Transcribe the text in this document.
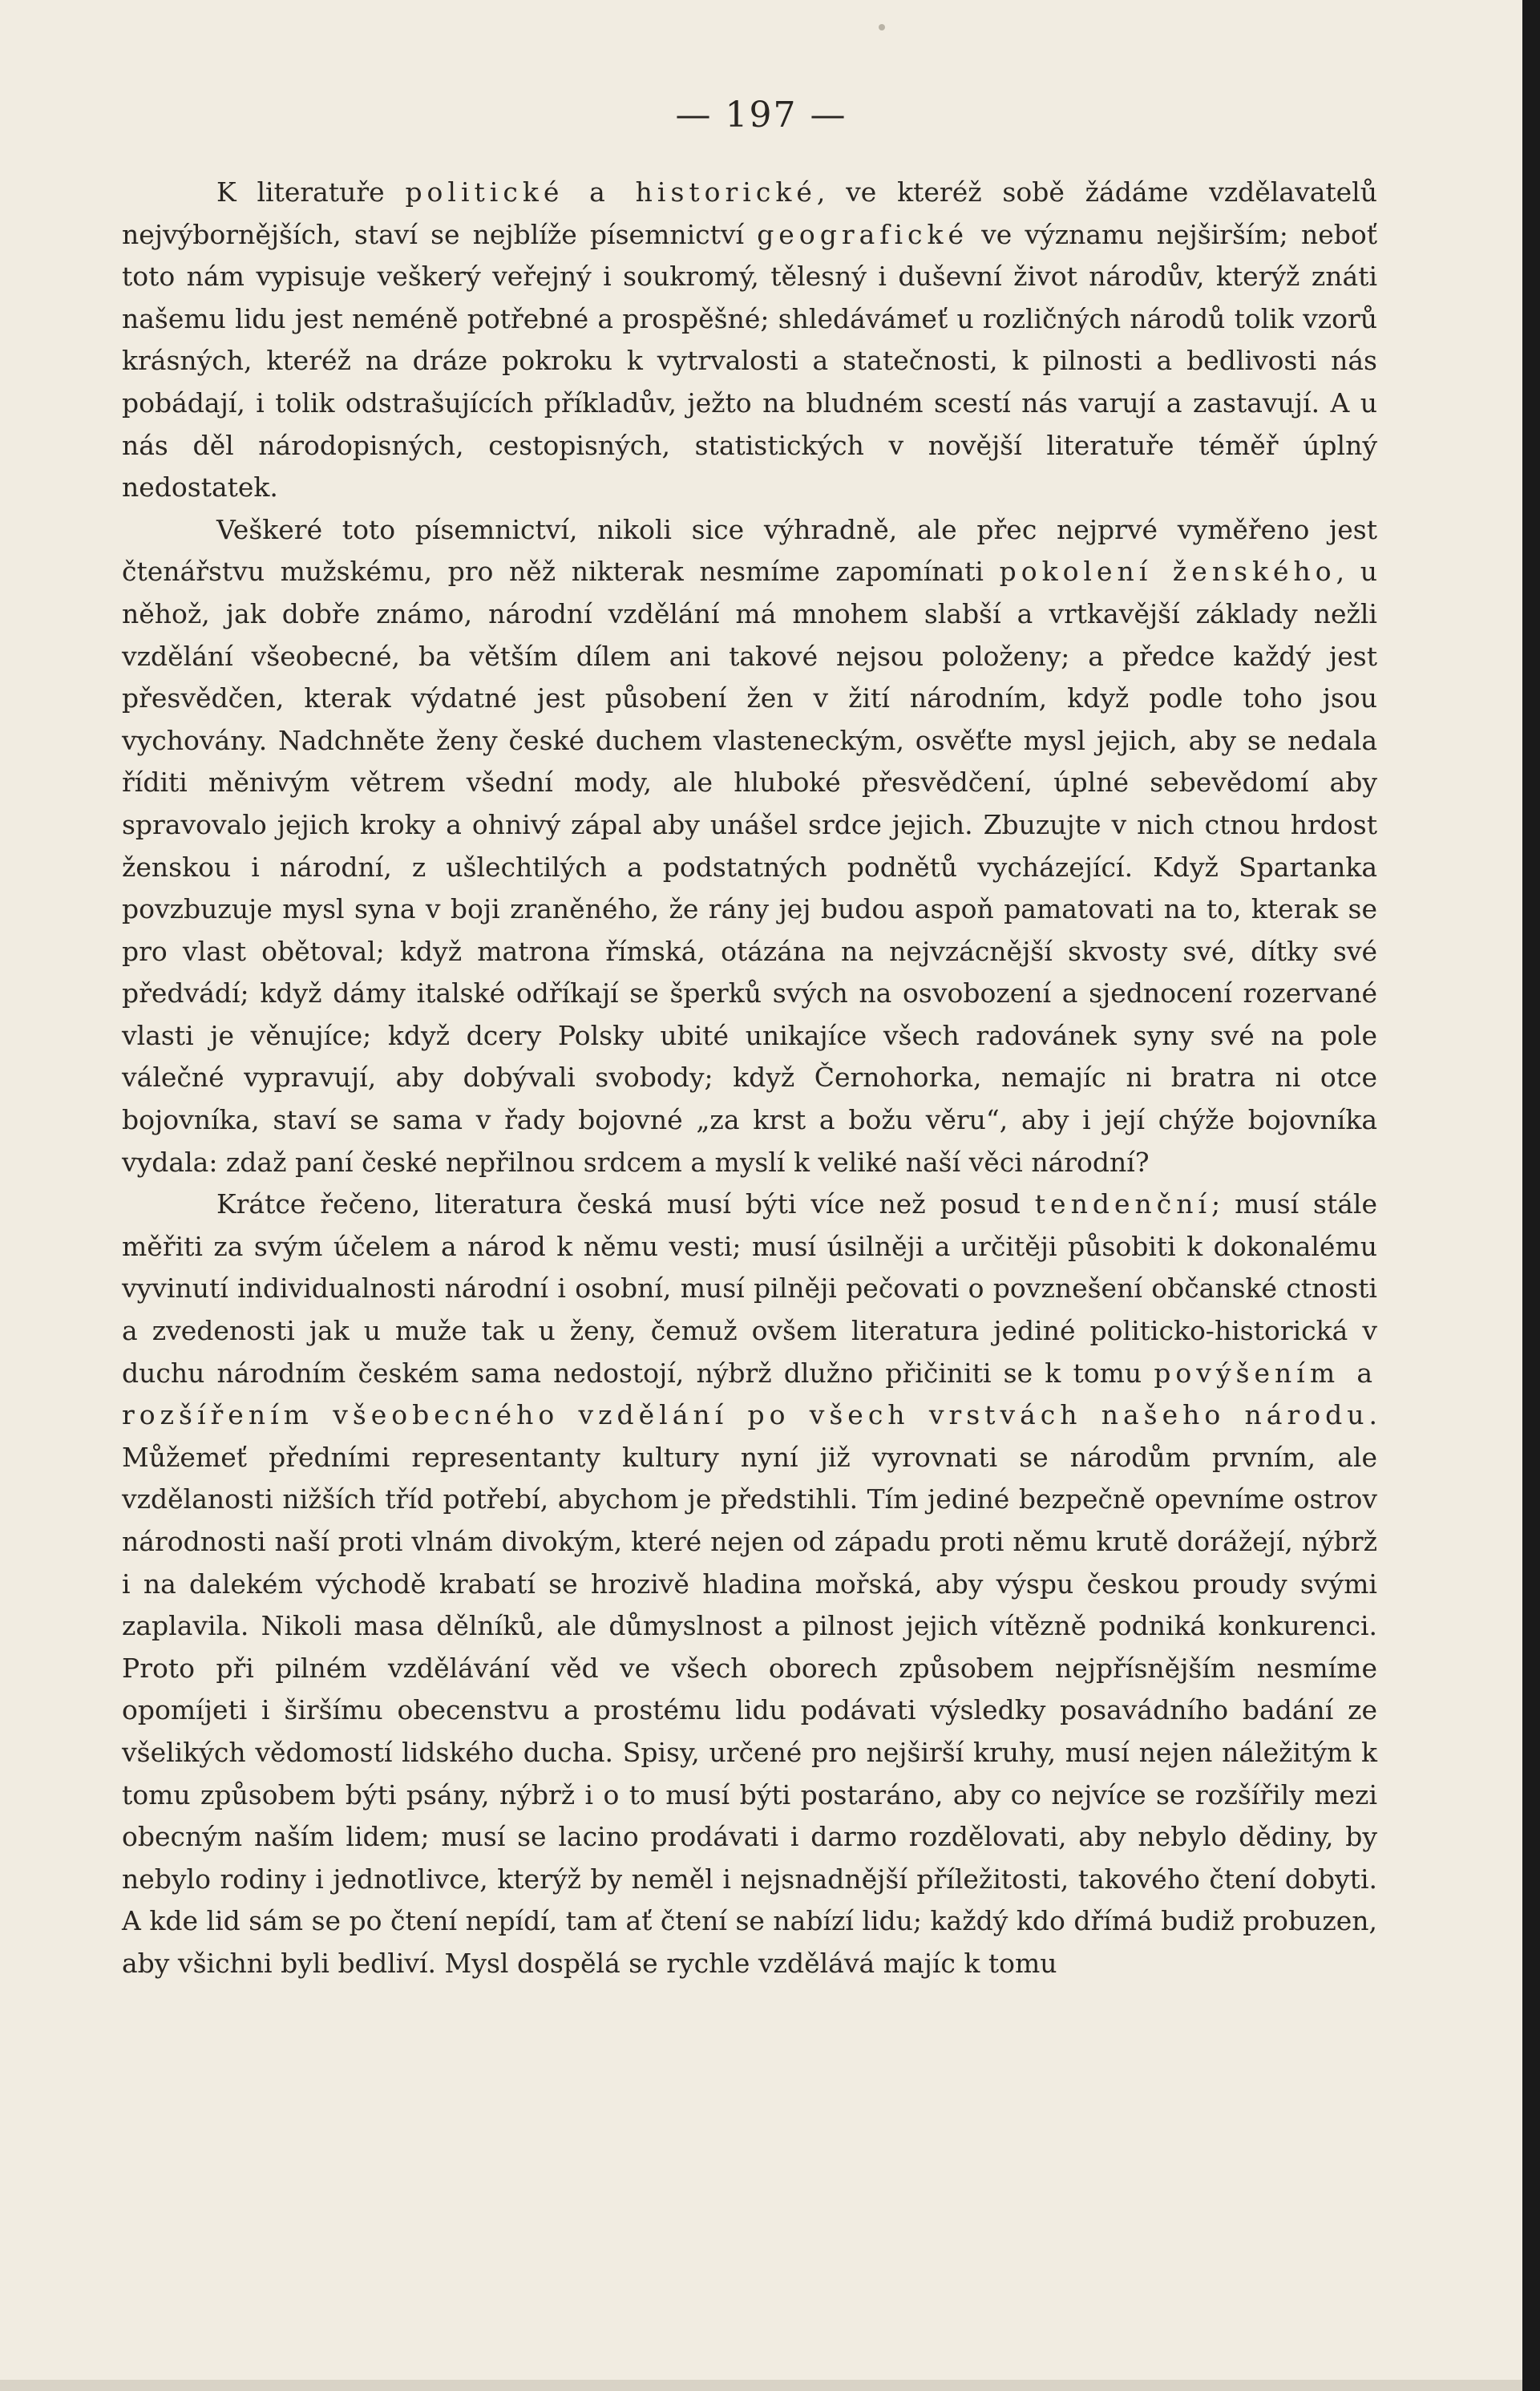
— 197 —

K literatuře politické a historické, ve kteréž sobě žádáme vzdělavatelů nejvýbornějších, staví se nejblíže písemnictví geografické ve významu nejširším; neboť toto nám vypisuje veškerý veřejný i soukromý, tělesný i duševní život národův, kterýž znáti našemu lidu jest neméně potřebné a prospěšné; shledávámeť u rozličných národů tolik vzorů krásných, kteréž na dráze pokroku k vytrvalosti a statečnosti, k pilnosti a bedlivosti nás pobádají, i tolik odstrašujících příkladův, ježto na bludném scestí nás varují a zastavují. A u nás děl národopisných, cestopisných, statistických v novější literatuře téměř úplný nedostatek.

Veškeré toto písemnictví, nikoli sice výhradně, ale přec nejprvé vyměřeno jest čtenářstvu mužskému, pro něž nikterak nesmíme zapomínati pokolení ženského, u něhož, jak dobře známo, národní vzdělání má mnohem slabší a vrtkavější základy nežli vzdělání všeobecné, ba větším dílem ani takové nejsou položeny; a předce každý jest přesvědčen, kterak výdatné jest působení žen v žití národním, když podle toho jsou vychovány. Nadchněte ženy české duchem vlasteneckým, osvěťte mysl jejich, aby se nedala říditi měnivým větrem všední mody, ale hluboké přesvědčení, úplné sebevědomí aby spravovalo jejich kroky a ohnivý zápal aby unášel srdce jejich. Zbuzujte v nich ctnou hrdost ženskou i národní, z ušlechtilých a podstatných podnětů vycházející. Když Spartanka povzbuzuje mysl syna v boji zraněného, že rány jej budou aspoň pamatovati na to, kterak se pro vlast obětoval; když matrona římská, otázána na nejvzácnější skvosty své, dítky své předvádí; když dámy italské odříkají se šperků svých na osvobození a sjednocení rozervané vlasti je věnujíce; když dcery Polsky ubité unikajíce všech radovánek syny své na pole válečné vypravují, aby dobývali svobody; když Černohorka, nemajíc ni bratra ni otce bojovníka, staví se sama v řady bojovné „za krst a božu věru“, aby i její chýže bojovníka vydala: zdaž paní české nepřilnou srdcem a myslí k veliké naší věci národní?

Krátce řečeno, literatura česká musí býti více než posud tendenční; musí stále měřiti za svým účelem a národ k němu vesti; musí úsilněji a určitěji působiti k dokonalému vyvinutí individualnosti národní i osobní, musí pilněji pečovati o povznešení občanské ctnosti a zvedenosti jak u muže tak u ženy, čemuž ovšem literatura jediné politicko-historická v duchu národním českém sama nedostojí, nýbrž dlužno přičiniti se k tomu povýšením a rozšířením všeobecného vzdělání po všech vrstvách našeho národu. Můžemeť předními representanty kultury nyní již vyrovnati se národům prvním, ale vzdělanosti nižších tříd potřebí, abychom je předstihli. Tím jediné bezpečně opevníme ostrov národnosti naší proti vlnám divokým, které nejen od západu proti němu krutě dorážejí, nýbrž i na dalekém východě krabatí se hrozivě hladina mořská, aby výspu českou proudy svými zaplavila. Nikoli masa dělníků, ale důmyslnost a pilnost jejich vítězně podniká konkurenci. Proto při pilném vzdělávání věd ve všech oborech způsobem nejpřísnějším nesmíme opomíjeti i širšímu obecenstvu a prostému lidu podávati výsledky posavádního badání ze všelikých vědomostí lidského ducha. Spisy, určené pro nejširší kruhy, musí nejen náležitým k tomu způsobem býti psány, nýbrž i o to musí býti postaráno, aby co nejvíce se rozšířily mezi obecným naším lidem; musí se lacino prodávati i darmo rozdělovati, aby nebylo dědiny, by nebylo rodiny i jednotlivce, kterýž by neměl i nejsnadnější příležitosti, takového čtení dobyti. A kde lid sám se po čtení nepídí, tam ať čtení se nabízí lidu; každý kdo dřímá budiž probuzen, aby všichni byli bedliví. Mysl dospělá se rychle vzdělává majíc k tomu
